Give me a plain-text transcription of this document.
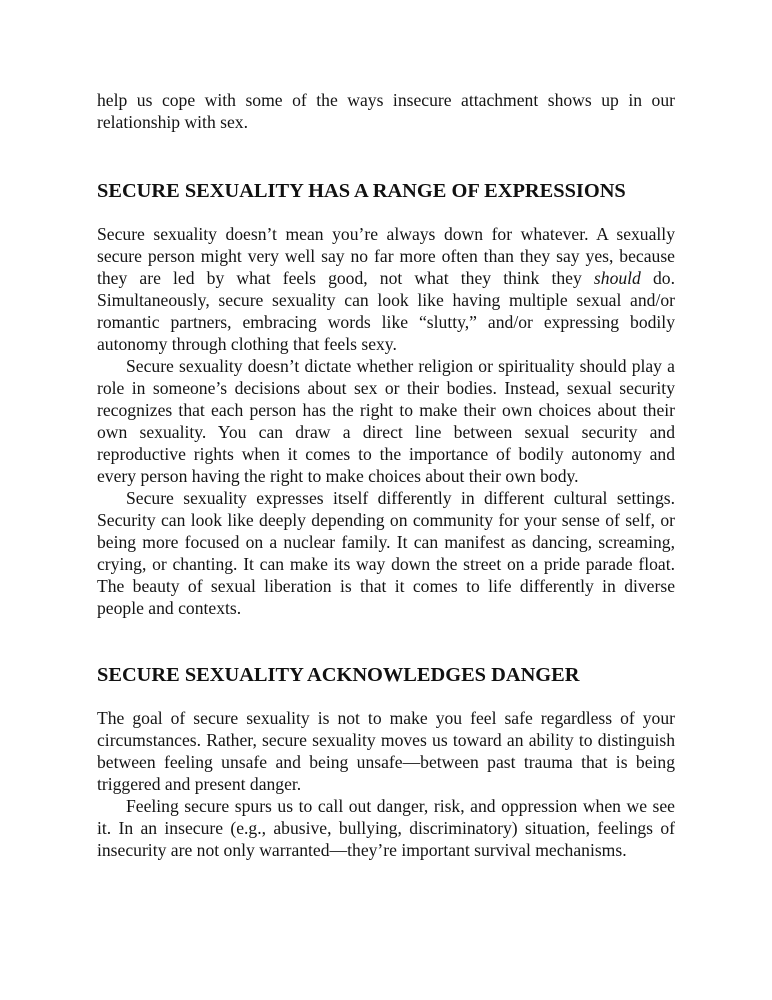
help us cope with some of the ways insecure attachment shows up in our relationship with sex.

SECURE SEXUALITY HAS A RANGE OF EXPRESSIONS

Secure sexuality doesn’t mean you’re always down for whatever. A sexually secure person might very well say no far more often than they say yes, because they are led by what feels good, not what they think they should do. Simultaneously, secure sexuality can look like having multiple sexual and/or romantic partners, embracing words like “slutty,” and/or expressing bodily autonomy through clothing that feels sexy.

Secure sexuality doesn’t dictate whether religion or spirituality should play a role in someone’s decisions about sex or their bodies. Instead, sexual security recognizes that each person has the right to make their own choices about their own sexuality. You can draw a direct line between sexual security and reproductive rights when it comes to the importance of bodily autonomy and every person having the right to make choices about their own body.

Secure sexuality expresses itself differently in different cultural settings. Security can look like deeply depending on community for your sense of self, or being more focused on a nuclear family. It can manifest as dancing, screaming, crying, or chanting. It can make its way down the street on a pride parade float. The beauty of sexual liberation is that it comes to life differently in diverse people and contexts.

SECURE SEXUALITY ACKNOWLEDGES DANGER

The goal of secure sexuality is not to make you feel safe regardless of your circumstances. Rather, secure sexuality moves us toward an ability to distinguish between feeling unsafe and being unsafe—between past trauma that is being triggered and present danger.

Feeling secure spurs us to call out danger, risk, and oppression when we see it. In an insecure (e.g., abusive, bullying, discriminatory) situation, feelings of insecurity are not only warranted—they’re important survival mechanisms.
